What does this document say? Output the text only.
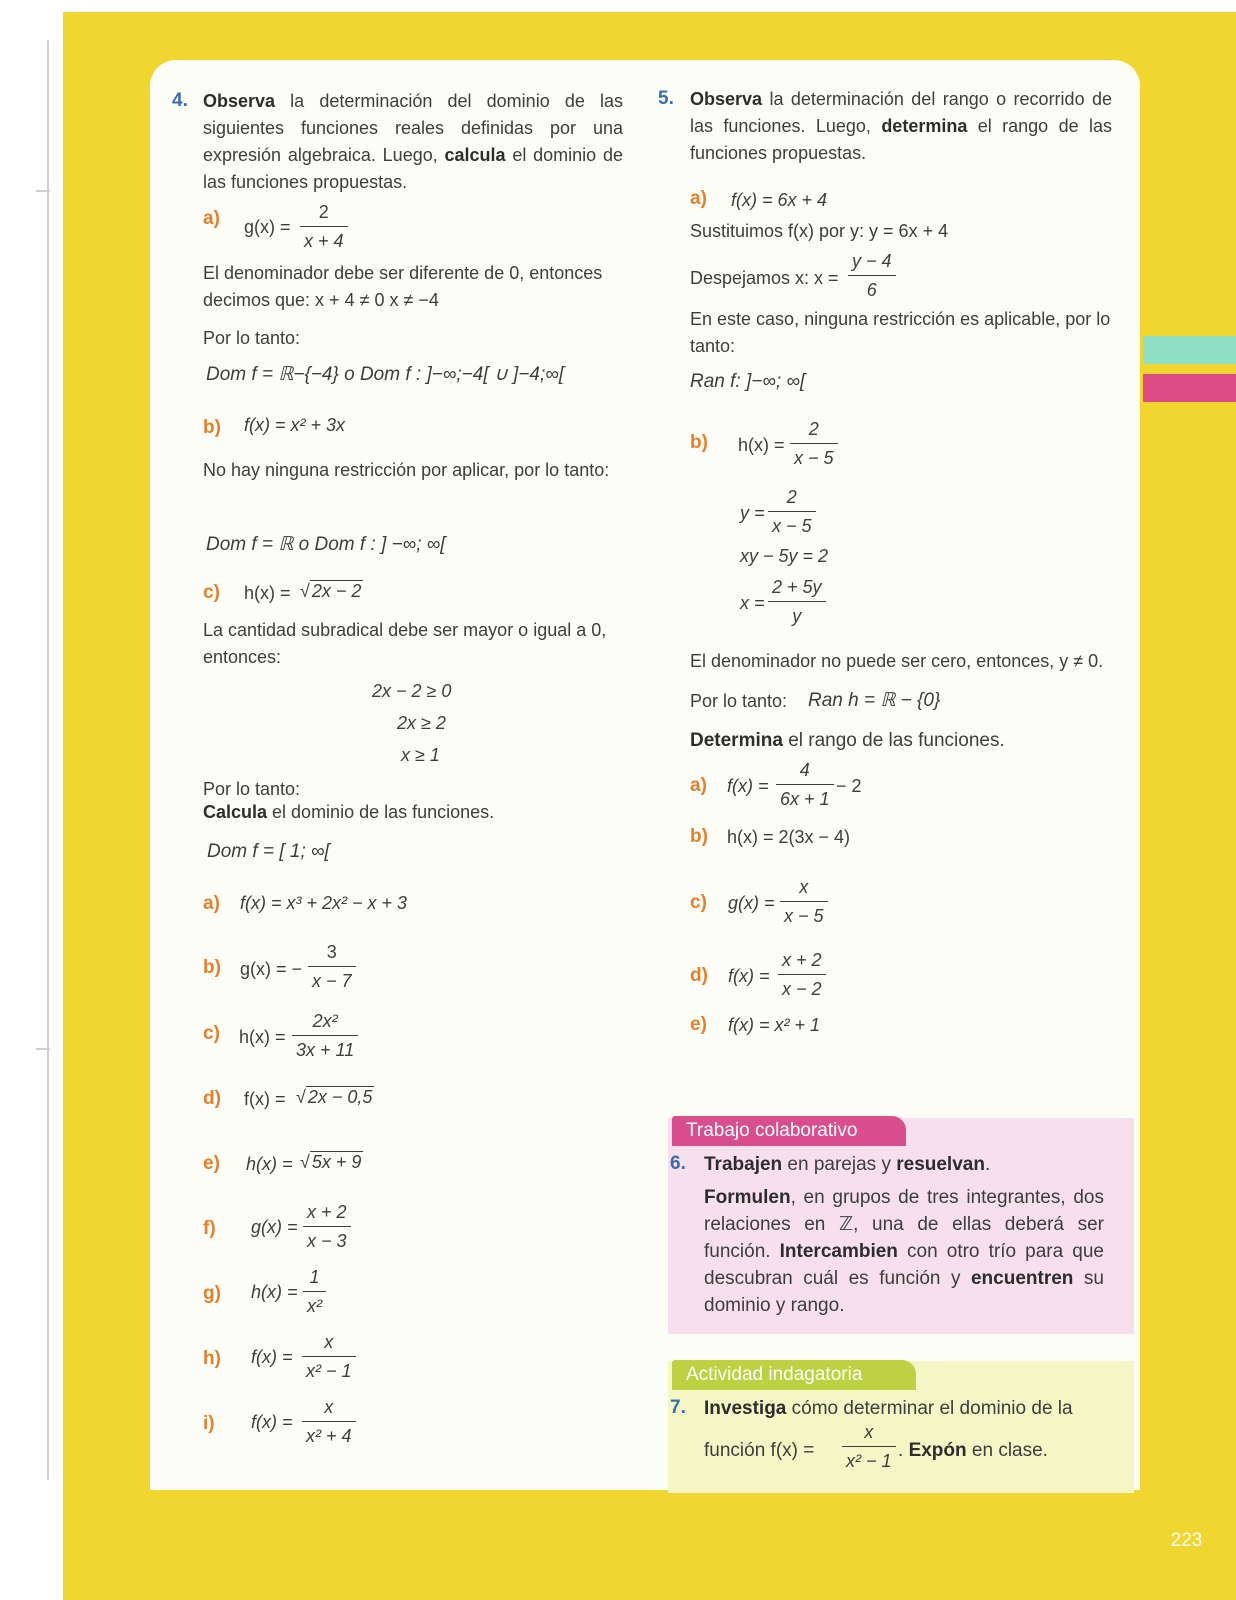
223
4. Observa la determinación del dominio de las siguientes funciones reales definidas por una expresión algebraica. Luego, calcula el dominio de las funciones propuestas.
a) $g(x) = \frac{2}{x + 4}$
El denominador debe ser diferente de 0, entonces
decimos que: x + 4 ≠ 0 x ≠ −4
Por lo tanto:
Dom f = ℝ−{−4} o Dom f : ]−∞;−4[ ∪ ]−4;∞[
b) f(x) = x² + 3x
No hay ninguna restricción por aplicar, por lo tanto:
Dom f = ℝ o Dom f : ] −∞; ∞[
c) h(x) = √ 2x − 2
La cantidad subradical debe ser mayor o igual a 0, entonces:
2x − 2 ≥ 0
2x ≥ 2
x ≥ 1
Por lo tanto:
Calcula el dominio de las funciones.
Dom f = [ 1; ∞[
a) f(x) = x³ + 2x² − x + 3
b) g(x) = − $\frac{3}{x - 7}$
c) $h(x) = \frac{\text{2x²}}{3x + 11}$
d) f(x) = √ 2x − 0,5
e) h(x) = √ 5x + 9
f) $g(x) = \frac{x + 2}{x - 3}$
g) $h(x) = \frac{1}{\text{x²}}$
h) $f(x) = \frac{x}{\text{x² − 1}}$
i) $f(x) = \frac{x}{\text{x² + 4}}$
5. Observa la determinación del rango o recorrido de las funciones. Luego, determina el rango de las funciones propuestas.
a) f(x) = 6x + 4
Sustituimos f(x) por y: y = 6x + 4
Despejamos x: $x = \frac{y - 4}{6}$
En este caso, ninguna restricción es aplicable, por lo tanto:
Ran f: ]−∞; ∞[
b) $h(x) = \frac{2}{x - 5}$
$y = \frac{2}{x - 5}$
xy − 5y = 2
$x = \frac{2 + 5y}{y}$
El denominador no puede ser cero, entonces, y ≠ 0.
Por lo tanto: Ran h = ℝ − {0}
Determina el rango de las funciones.
a) $f(x) = \frac{4}{6x + 1} - 2$
b) h(x) = 2(3x − 4)
c) $g(x) = \frac{x}{x - 5}$
d) $f(x) = \frac{x + 2}{x - 2}$
e) f(x) = x² + 1
Trabajo colaborativo
6. Trabajen en parejas y resuelvan.
Formulen, en grupos de tres integrantes, dos relaciones en ℤ, una de ellas deberá ser función. Intercambien con otro trío para que descubran cuál es función y encuentren su dominio y rango.
Actividad indagatoria
7. Investiga cómo determinar el dominio de la
función $f(x) = \frac{x}{\text{x² − 1}}$ . Expón en clase.
